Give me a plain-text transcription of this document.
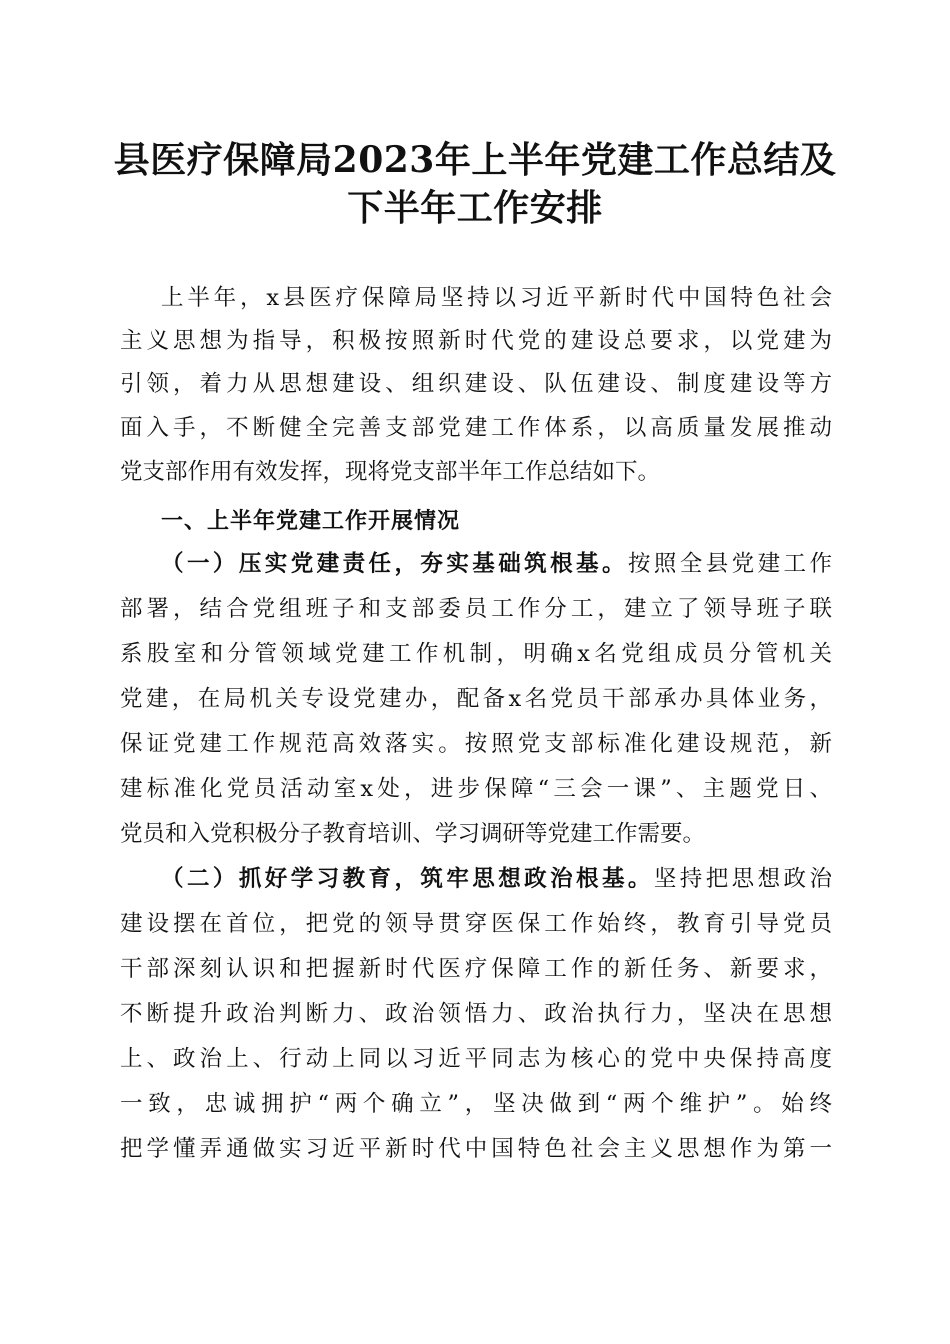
县医疗保障局2023年上半年党建工作总结及
下半年工作安排
上半年，x县医疗保障局坚持以习近平新时代中国特色社会
主义思想为指导，积极按照新时代党的建设总要求，以党建为
引领，着力从思想建设、组织建设、队伍建设、制度建设等方
面入手，不断健全完善支部党建工作体系，以高质量发展推动
党支部作用有效发挥，现将党支部半年工作总结如下。
一、上半年党建工作开展情况
（一）压实党建责任，夯实基础筑根基。按照全县党建工作
部署，结合党组班子和支部委员工作分工，建立了领导班子联
系股室和分管领域党建工作机制，明确x名党组成员分管机关
党建，在局机关专设党建办，配备x名党员干部承办具体业务，
保证党建工作规范高效落实。按照党支部标准化建设规范，新
建标准化党员活动室x处，进步保障“三会一课”、主题党日、
党员和入党积极分子教育培训、学习调研等党建工作需要。
（二）抓好学习教育，筑牢思想政治根基。坚持把思想政治
建设摆在首位，把党的领导贯穿医保工作始终，教育引导党员
干部深刻认识和把握新时代医疗保障工作的新任务、新要求，
不断提升政治判断力、政治领悟力、政治执行力，坚决在思想
上、政治上、行动上同以习近平同志为核心的党中央保持高度
一致，忠诚拥护“两个确立”，坚决做到“两个维护”。始终
把学懂弄通做实习近平新时代中国特色社会主义思想作为第一
